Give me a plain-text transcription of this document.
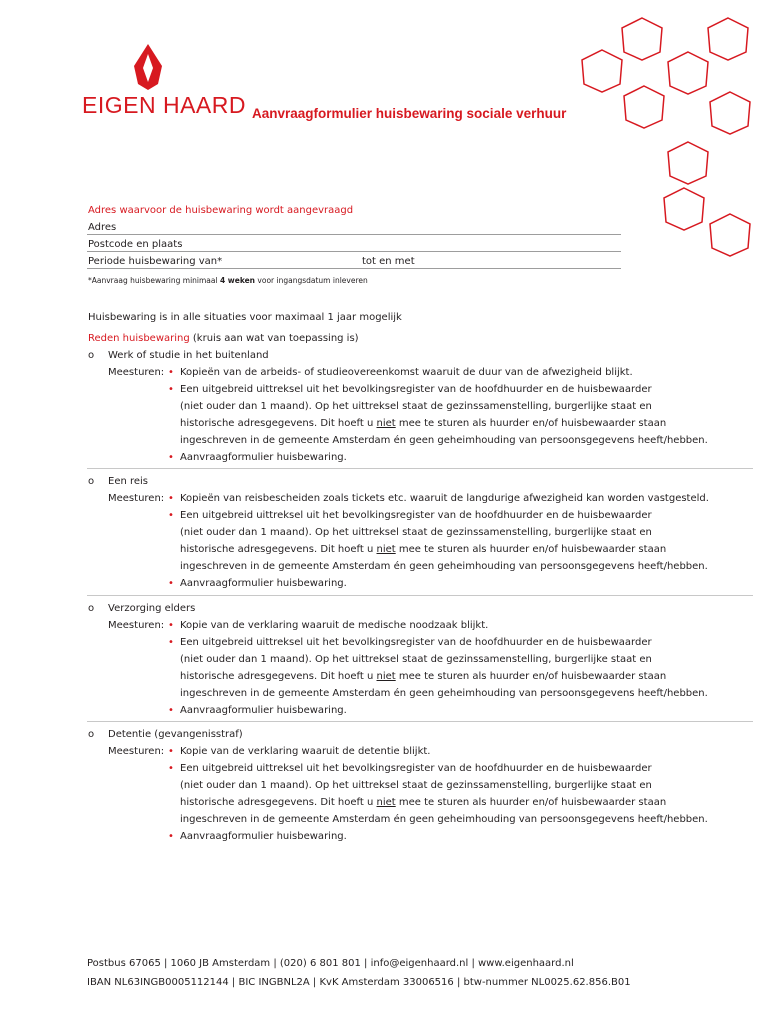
EIGEN HAARD Aanvraagformulier huisbewaring sociale verhuur
Adres waarvoor de huisbewaring wordt aangevraagd
Adres
Postcode en plaats
Periode huisbewaring van*	tot en met
*Aanvraag huisbewaring minimaal 4 weken voor ingangsdatum inleveren
Huisbewaring is in alle situaties voor maximaal 1 jaar mogelijk
Reden huisbewaring (kruis aan wat van toepassing is)
o Werk of studie in het buitenland
Meesturen: • Kopieën van de arbeids- of studieovereenkomst waaruit de duur van de afwezigheid blijkt.
• Een uitgebreid uittreksel uit het bevolkingsregister van de hoofdhuurder en de huisbewaarder
(niet ouder dan 1 maand). Op het uittreksel staat de gezinssamenstelling, burgerlijke staat en
historische adresgegevens. Dit hoeft u niet mee te sturen als huurder en/of huisbewaarder staan
ingeschreven in de gemeente Amsterdam én geen geheimhouding van persoonsgegevens heeft/hebben.
• Aanvraagformulier huisbewaring.
o Een reis
Meesturen: • Kopieën van reisbescheiden zoals tickets etc. waaruit de langdurige afwezigheid kan worden vastgesteld.
• Een uitgebreid uittreksel uit het bevolkingsregister van de hoofdhuurder en de huisbewaarder
(niet ouder dan 1 maand). Op het uittreksel staat de gezinssamenstelling, burgerlijke staat en
historische adresgegevens. Dit hoeft u niet mee te sturen als huurder en/of huisbewaarder staan
ingeschreven in de gemeente Amsterdam én geen geheimhouding van persoonsgegevens heeft/hebben.
• Aanvraagformulier huisbewaring.
o Verzorging elders
Meesturen: • Kopie van de verklaring waaruit de medische noodzaak blijkt.
• Een uitgebreid uittreksel uit het bevolkingsregister van de hoofdhuurder en de huisbewaarder
(niet ouder dan 1 maand). Op het uittreksel staat de gezinssamenstelling, burgerlijke staat en
historische adresgegevens. Dit hoeft u niet mee te sturen als huurder en/of huisbewaarder staan
ingeschreven in de gemeente Amsterdam én geen geheimhouding van persoonsgegevens heeft/hebben.
• Aanvraagformulier huisbewaring.
o Detentie (gevangenisstraf)
Meesturen: • Kopie van de verklaring waaruit de detentie blijkt.
• Een uitgebreid uittreksel uit het bevolkingsregister van de hoofdhuurder en de huisbewaarder
(niet ouder dan 1 maand). Op het uittreksel staat de gezinssamenstelling, burgerlijke staat en
historische adresgegevens. Dit hoeft u niet mee te sturen als huurder en/of huisbewaarder staan
ingeschreven in de gemeente Amsterdam én geen geheimhouding van persoonsgegevens heeft/hebben.
• Aanvraagformulier huisbewaring.
Postbus 67065 | 1060 JB Amsterdam | (020) 6 801 801 | info@eigenhaard.nl | www.eigenhaard.nl
IBAN NL63INGB0005112144 | BIC INGBNL2A | KvK Amsterdam 33006516 | btw-nummer NL0025.62.856.B01
